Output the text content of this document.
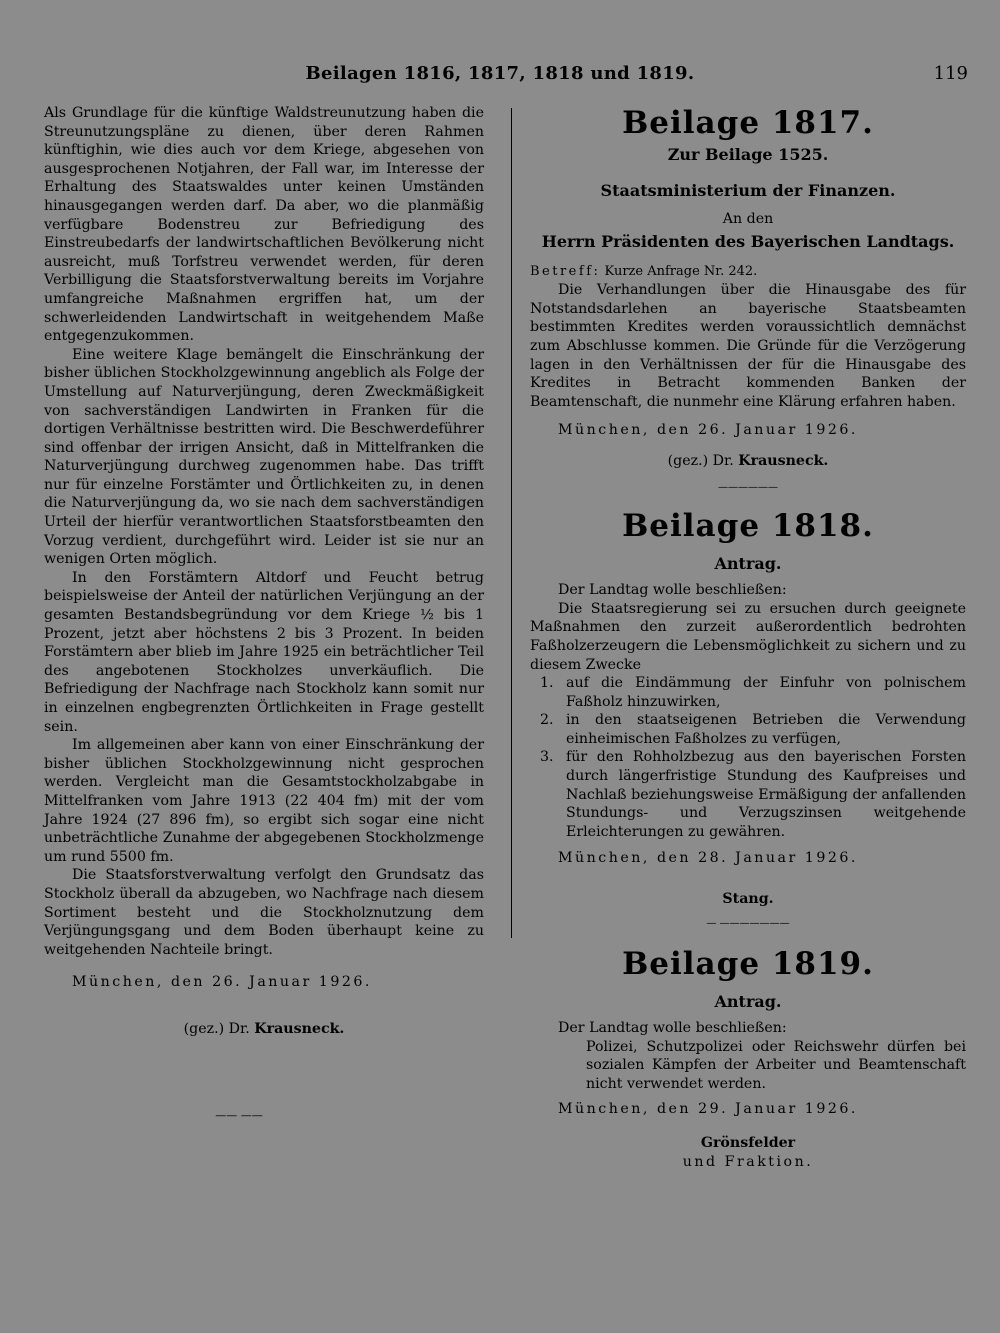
Beilagen 1816, 1817, 1818 und 1819.	119

Als Grundlage für die künftige Waldstreunutzung haben die Streunutzungspläne zu dienen, über deren Rahmen künftighin, wie dies auch vor dem Kriege, abgesehen von ausgesprochenen Notjahren, der Fall war, im Interesse der Erhaltung des Staatswaldes unter keinen Umständen hinausgegangen werden darf. Da aber, wo die planmäßig verfügbare Bodenstreu zur Befriedigung des Einstreubedarfs der landwirtschaftlichen Bevölkerung nicht ausreicht, muß Torfstreu verwendet werden, für deren Verbilligung die Staatsforstverwaltung bereits im Vorjahre umfangreiche Maßnahmen ergriffen hat, um der schwerleidenden Landwirtschaft in weitgehendem Maße entgegenzukommen.

Eine weitere Klage bemängelt die Einschränkung der bisher üblichen Stockholzgewinnung angeblich als Folge der Umstellung auf Naturverjüngung, deren Zweckmäßigkeit von sachverständigen Landwirten in Franken für die dortigen Verhältnisse bestritten wird. Die Beschwerdeführer sind offenbar der irrigen Ansicht, daß in Mittelfranken die Naturverjüngung durchweg zugenommen habe. Das trifft nur für einzelne Forstämter und Örtlichkeiten zu, in denen die Naturverjüngung da, wo sie nach dem sachverständigen Urteil der hierfür verantwortlichen Staatsforstbeamten den Vorzug verdient, durchgeführt wird. Leider ist sie nur an wenigen Orten möglich.

In den Forstämtern Altdorf und Feucht betrug beispielsweise der Anteil der natürlichen Verjüngung an der gesamten Bestandsbegründung vor dem Kriege ½ bis 1 Prozent, jetzt aber höchstens 2 bis 3 Prozent. In beiden Forstämtern aber blieb im Jahre 1925 ein beträchtlicher Teil des angebotenen Stockholzes unverkäuflich. Die Befriedigung der Nachfrage nach Stockholz kann somit nur in einzelnen engbegrenzten Örtlichkeiten in Frage gestellt sein.

Im allgemeinen aber kann von einer Einschränkung der bisher üblichen Stockholzgewinnung nicht gesprochen werden. Vergleicht man die Gesamtstockholzabgabe in Mittelfranken vom Jahre 1913 (22 404 fm) mit der vom Jahre 1924 (27 896 fm), so ergibt sich sogar eine nicht unbeträchtliche Zunahme der abgegebenen Stockholzmenge um rund 5500 fm.

Die Staatsforstverwaltung verfolgt den Grundsatz das Stockholz überall da abzugeben, wo Nachfrage nach diesem Sortiment besteht und die Stockholznutzung dem Verjüngungsgang und dem Boden überhaupt keine zu weitgehenden Nachteile bringt.

München, den 26. Januar 1926.

(gez.) Dr. Krausneck.

—— ——

Beilage 1817.
Zur Beilage 1525.
Staatsministerium der Finanzen.

An den

Herrn Präsidenten des Bayerischen Landtags.

Betreff: Kurze Anfrage Nr. 242.

Die Verhandlungen über die Hinausgabe des für Notstandsdarlehen an bayerische Staatsbeamten bestimmten Kredites werden voraussichtlich demnächst zum Abschlusse kommen. Die Gründe für die Verzögerung lagen in den Verhältnissen der für die Hinausgabe des Kredites in Betracht kommenden Banken der Beamtenschaft, die nunmehr eine Klärung erfahren haben.

München, den 26. Januar 1926.

(gez.) Dr. Krausneck.

——————

Beilage 1818.
Antrag.

Der Landtag wolle beschließen:

Die Staatsregierung sei zu ersuchen durch geeignete Maßnahmen den zurzeit außerordentlich bedrohten Faßholzerzeugern die Lebensmöglichkeit zu sichern und zu diesem Zwecke

1. auf die Eindämmung der Einfuhr von polnischem Faßholz hinzuwirken,
2. in den staatseigenen Betrieben die Verwendung einheimischen Faßholzes zu verfügen,
3. für den Rohholzbezug aus den bayerischen Forsten durch längerfristige Stundung des Kaufpreises und Nachlaß beziehungsweise Ermäßigung der anfallenden Stundungs- und Verzugszinsen weitgehende Erleichterungen zu gewähren.

München, den 28. Januar 1926.

Stang.

— ———————

Beilage 1819.
Antrag.

Der Landtag wolle beschließen:

Polizei, Schutzpolizei oder Reichswehr dürfen bei sozialen Kämpfen der Arbeiter und Beamtenschaft nicht verwendet werden.

München, den 29. Januar 1926.

Grönsfelder

und Fraktion.
